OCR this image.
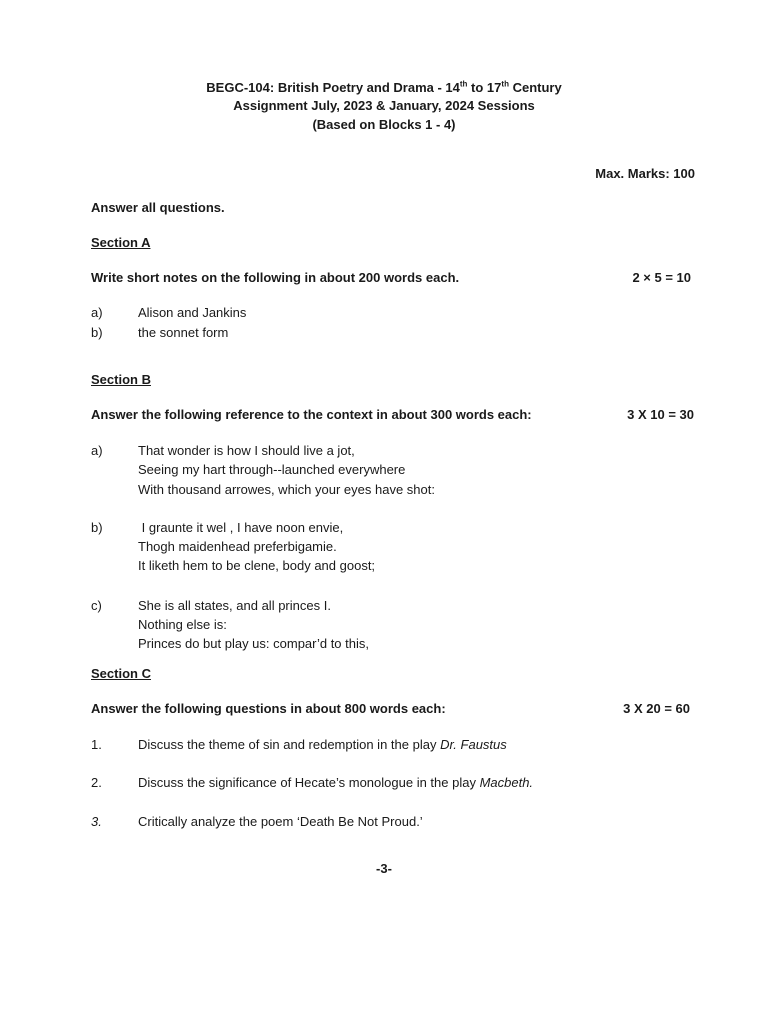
BEGC-104: British Poetry and Drama - 14th to 17th Century
Assignment July, 2023 & January, 2024 Sessions
(Based on Blocks 1 - 4)
Max. Marks: 100
Answer all questions.
Section A
Write short notes on the following in about 200 words each.	2 × 5 = 10
a)	Alison and Jankins
b)	the sonnet form
Section B
Answer the following reference to the context in about 300 words each:	3 X 10 = 30
a)	That wonder is how I should live a jot,
Seeing my hart through--launched everywhere
With thousand arrowes, which your eyes have shot:
b)	I graunte it wel , I have noon envie,
Thogh maidenhead preferbigamie.
It liketh hem to be clene, body and goost;
c)	She is all states, and all princes I.
Nothing else is:
Princes do but play us: compar’d to this,
Section C
Answer the following questions in about 800 words each:	3 X 20 = 60
1.	Discuss the theme of sin and redemption in the play Dr. Faustus
2.	Discuss the significance of Hecate’s monologue in the play Macbeth.
3.	Critically analyze the poem ‘Death Be Not Proud.’
-3-
